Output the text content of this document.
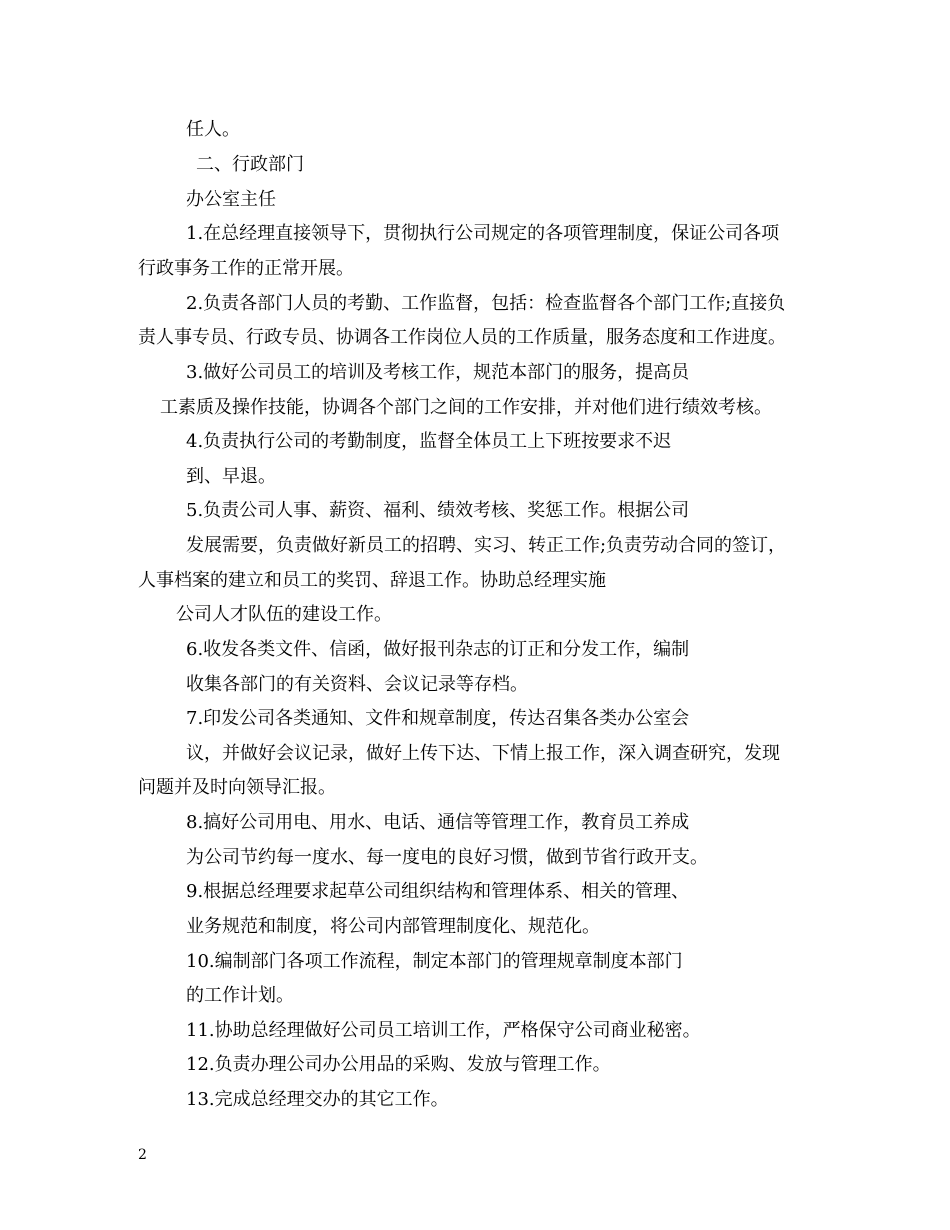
任人。
二、行政部门
办公室主任
1.在总经理直接领导下，贯彻执行公司规定的各项管理制度，保证公司各项
行政事务工作的正常开展。
2.负责各部门人员的考勤、工作监督，包括：检查监督各个部门工作;直接负
责人事专员、行政专员、协调各工作岗位人员的工作质量，服务态度和工作进度。
3.做好公司员工的培训及考核工作，规范本部门的服务，提高员
工素质及操作技能，协调各个部门之间的工作安排，并对他们进行绩效考核。
4.负责执行公司的考勤制度，监督全体员工上下班按要求不迟
到、早退。
5.负责公司人事、薪资、福利、绩效考核、奖惩工作。根据公司
发展需要，负责做好新员工的招聘、实习、转正工作;负责劳动合同的签订，
人事档案的建立和员工的奖罚、辞退工作。协助总经理实施
公司人才队伍的建设工作。
6.收发各类文件、信函，做好报刊杂志的订正和分发工作，编制
收集各部门的有关资料、会议记录等存档。
7.印发公司各类通知、文件和规章制度，传达召集各类办公室会
议，并做好会议记录，做好上传下达、下情上报工作，深入调查研究，发现
问题并及时向领导汇报。
8.搞好公司用电、用水、电话、通信等管理工作，教育员工养成
为公司节约每一度水、每一度电的良好习惯，做到节省行政开支。
9.根据总经理要求起草公司组织结构和管理体系、相关的管理、
业务规范和制度，将公司内部管理制度化、规范化。
10.编制部门各项工作流程，制定本部门的管理规章制度本部门
的工作计划。
11.协助总经理做好公司员工培训工作，严格保守公司商业秘密。
12.负责办理公司办公用品的采购、发放与管理工作。
13.完成总经理交办的其它工作。
2
